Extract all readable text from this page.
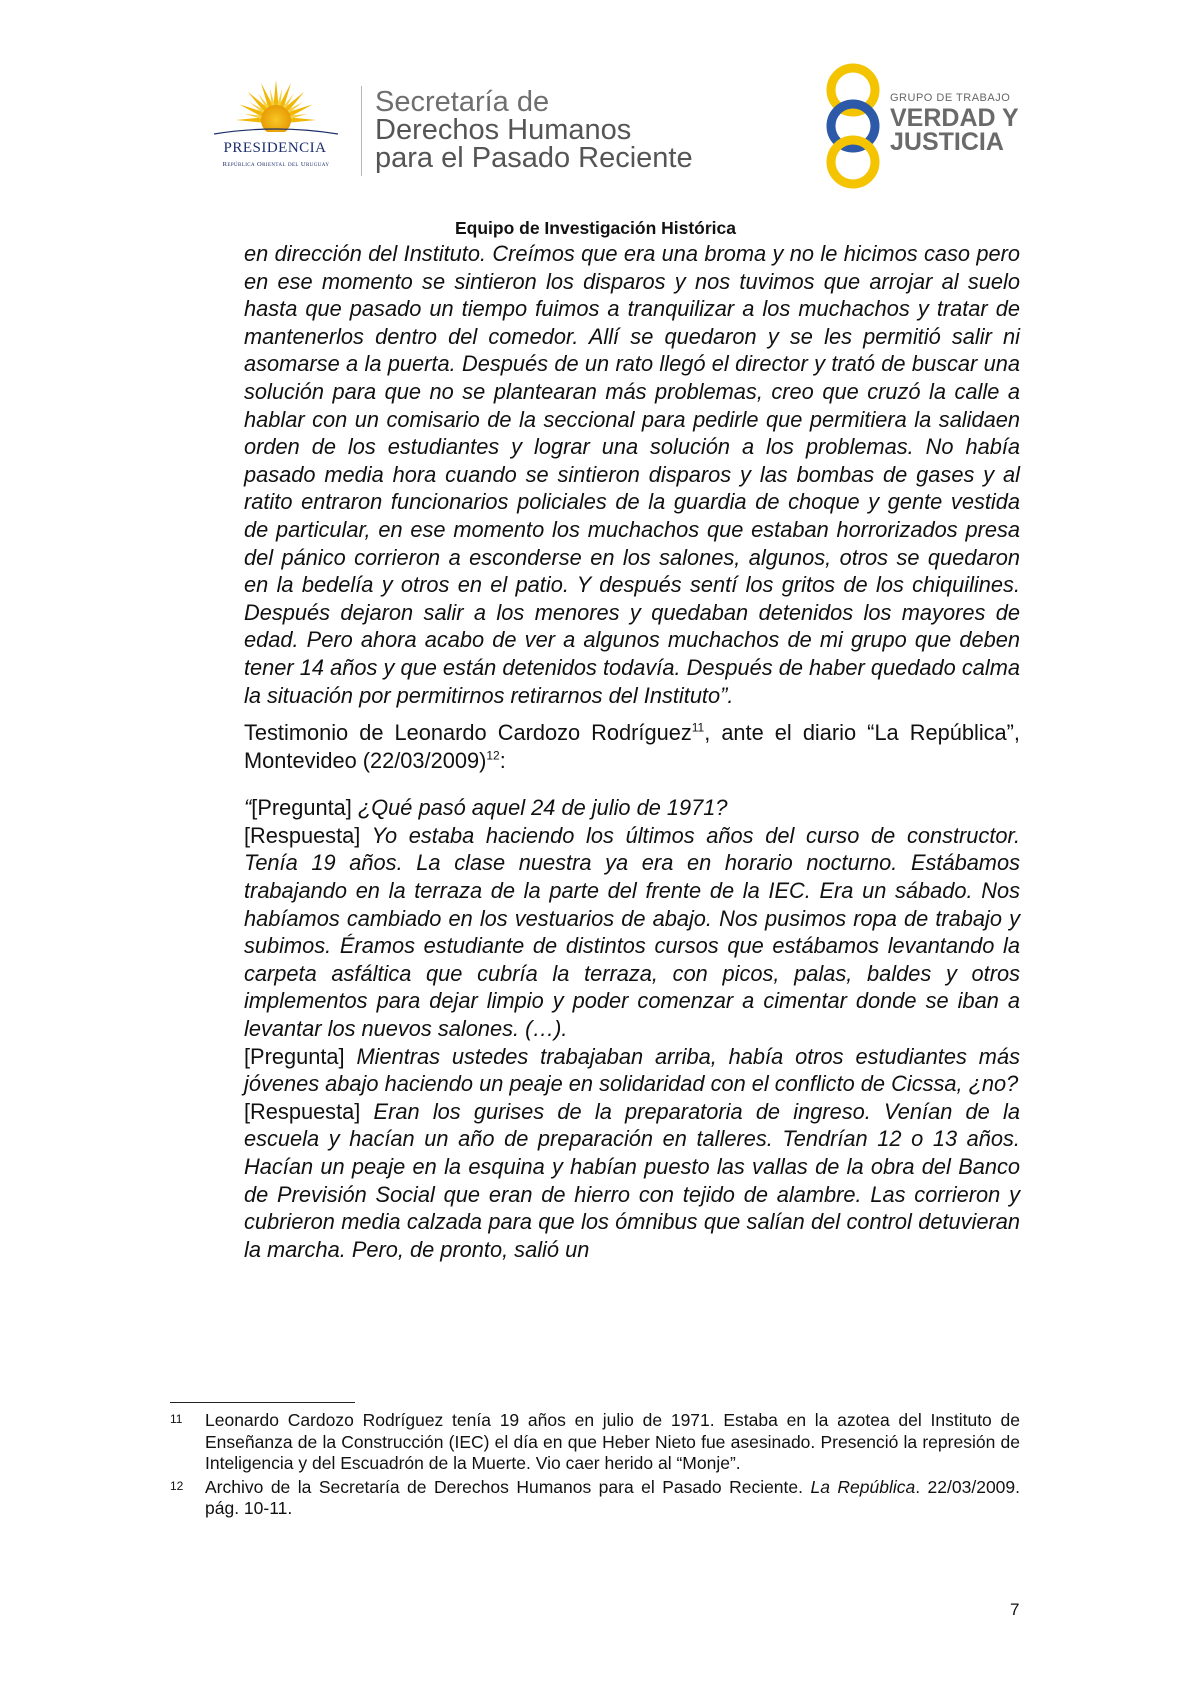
PRESIDENCIA
República Oriental del Uruguay
Secretaría de
Derechos Humanos
para el Pasado Reciente
GRUPO DE TRABAJO
VERDAD Y
JUSTICIA
Equipo de Investigación Histórica

en dirección del Instituto. Creímos que era una broma y no le hicimos caso pero en ese momento se sintieron los disparos y nos tuvimos que arrojar al suelo hasta que pasado un tiempo fuimos a tranquilizar a los muchachos y tratar de mantenerlos dentro del comedor. Allí se quedaron y se les permitió salir ni asomarse a la puerta. Después de un rato llegó el director y trató de buscar una solución para que no se plantearan más problemas, creo que cruzó la calle a hablar con un comisario de la seccional para pedirle que permitiera la salidaen orden de los estudiantes y lograr una solución a los problemas. No había pasado media hora cuando se sintieron disparos y las bombas de gases y al ratito entraron funcionarios policiales de la guardia de choque y gente vestida de particular, en ese momento los muchachos que estaban horrorizados presa del pánico corrieron a esconderse en los salones, algunos, otros se quedaron en la bedelía y otros en el patio. Y después sentí los gritos de los chiquilines. Después dejaron salir a los menores y quedaban detenidos los mayores de edad. Pero ahora acabo de ver a algunos muchachos de mi grupo que deben tener 14 años y que están detenidos todavía. Después de haber quedado calma la situación por permitirnos retirarnos del Instituto”.

Testimonio de Leonardo Cardozo Rodríguez$^{11}$, ante el diario “La República”, Montevideo $(22/03/2009)^{12}$:

“[Pregunta] ¿Qué pasó aquel 24 de julio de 1971?

[Respuesta] Yo estaba haciendo los últimos años del curso de constructor. Tenía 19 años. La clase nuestra ya era en horario nocturno. Estábamos trabajando en la terraza de la parte del frente de la IEC. Era un sábado. Nos habíamos cambiado en los vestuarios de abajo. Nos pusimos ropa de trabajo y subimos. Éramos estudiante de distintos cursos que estábamos levantando la carpeta asfáltica que cubría la terraza, con picos, palas, baldes y otros implementos para dejar limpio y poder comenzar a cimentar donde se iban a levantar los nuevos salones. (…).

[Pregunta] Mientras ustedes trabajaban arriba, había otros estudiantes más jóvenes abajo haciendo un peaje en solidaridad con el conflicto de Cicssa, ¿no?

[Respuesta] Eran los gurises de la preparatoria de ingreso. Venían de la escuela y hacían un año de preparación en talleres. Tendrían 12 o 13 años. Hacían un peaje en la esquina y habían puesto las vallas de la obra del Banco de Previsión Social que eran de hierro con tejido de alambre. Las corrieron y cubrieron media calzada para que los ómnibus que salían del control detuvieran la marcha. Pero, de pronto, salió un

11	Leonardo Cardozo Rodríguez tenía 19 años en julio de 1971. Estaba en la azotea del Instituto de Enseñanza de la Construcción (IEC) el día en que Heber Nieto fue asesinado. Presenció la represión de Inteligencia y del Escuadrón de la Muerte. Vio caer herido al “Monje”.
12	Archivo de la Secretaría de Derechos Humanos para el Pasado Reciente. La República. 22/03/2009. pág. 10-11.
7
